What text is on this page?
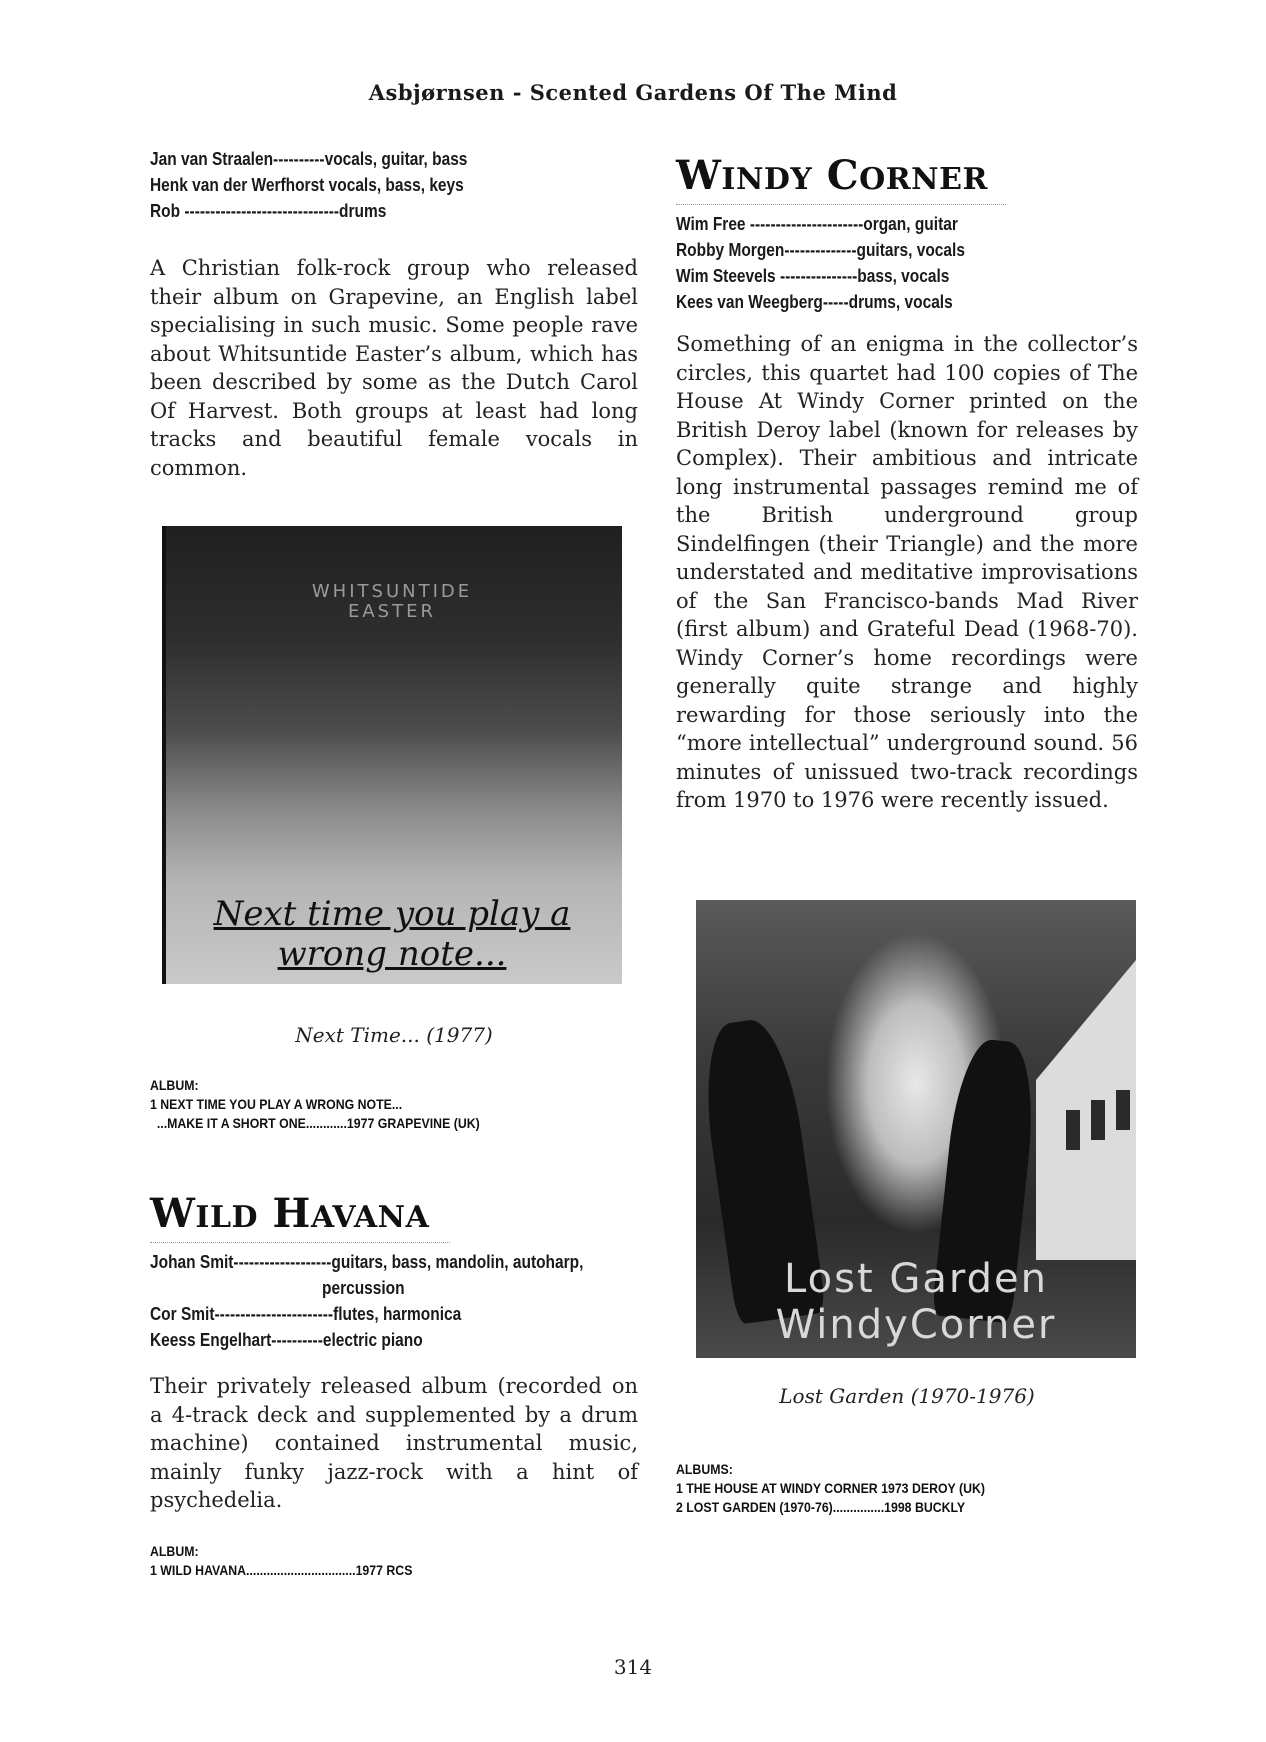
Asbjørnsen - Scented Gardens Of The Mind
Jan van Straalen----------vocals, guitar, bass
Henk van der Werfhorst vocals, bass, keys
Rob ------------------------------drums
A Christian folk-rock group who released their album on Grapevine, an English label specialising in such music. Some people rave about Whitsuntide Easter’s album, which has been described by some as the Dutch Carol Of Harvest. Both groups at least had long tracks and beautiful female vocals in common.
WHITSUNTIDE
EASTER
Next time you play a wrong note...
Next Time... (1977)
ALBUM:
1 NEXT TIME YOU PLAY A WRONG NOTE...
...MAKE IT A SHORT ONE............1977 GRAPEVINE (UK)
WILD HAVANA
Johan Smit-------------------guitars, bass, mandolin, autoharp,
percussion
Cor Smit-----------------------flutes, harmonica
Keess Engelhart----------electric piano
Their privately released album (recorded on a 4-track deck and supplemented by a drum machine) contained instrumental music, mainly funky jazz-rock with a hint of psychedelia.
ALBUM:
1 WILD HAVANA................................1977 RCS
WINDY CORNER
Wim Free ----------------------organ, guitar
Robby Morgen--------------guitars, vocals
Wim Steevels ---------------bass, vocals
Kees van Weegberg-----drums, vocals
Something of an enigma in the collector’s circles, this quartet had 100 copies of The House At Windy Corner printed on the British Deroy label (known for releases by Complex). Their ambitious and intricate long instrumental passages remind me of the British underground group Sindelfingen (their Triangle) and the more understated and meditative improvisations of the San Francisco-bands Mad River (first album) and Grateful Dead (1968-70). Windy Corner’s home recordings were generally quite strange and highly rewarding for those seriously into the “more intellectual” underground sound. 56 minutes of unissued two-track recordings from 1970 to 1976 were recently issued.
Lost Garden WindyCorner
Lost Garden (1970-1976)
ALBUMS:
1 THE HOUSE AT WINDY CORNER 1973 DEROY (UK)
2 LOST GARDEN (1970-76)...............1998 BUCKLY
314
